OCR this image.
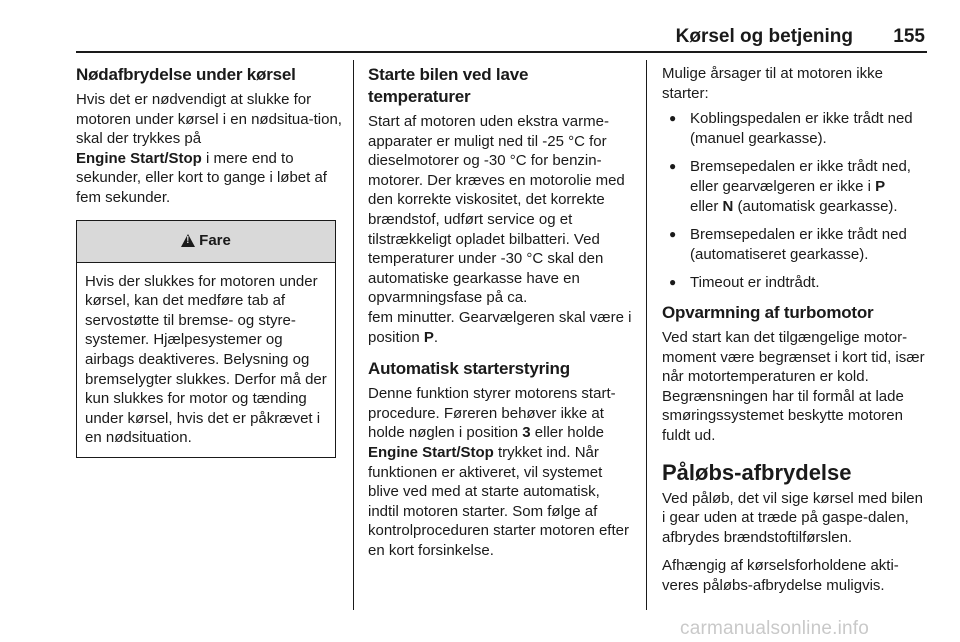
Kørsel og betjening 155

Nødafbrydelse under kørsel

Hvis det er nødvendigt at slukke for motoren under kørsel i en nødsitua-tion, skal der trykkes på
Engine Start/Stop i mere end to sekunder, eller kort to gange i løbet af fem sekunder.

!
Fare
Hvis der slukkes for motoren under kørsel, kan det medføre tab af servostøtte til bremse- og styre-systemer. Hjælpesystemer og airbags deaktiveres. Belysning og bremselygter slukkes. Derfor må der kun slukkes for motor og tænding under kørsel, hvis det er påkrævet i en nødsituation.

Starte bilen ved lave temperaturer

Start af motoren uden ekstra varme-apparater er muligt ned til -25 °C for dieselmotorer og -30 °C for benzin-motorer. Der kræves en motorolie med den korrekte viskositet, det korrekte brændstof, udført service og et tilstrækkeligt opladet bilbatteri. Ved temperaturer under -30 °C skal den automatiske gearkasse have en opvarmningsfase på ca.

fem minutter. Gearvælgeren skal være i position P.

Automatisk starterstyring

Denne funktion styrer motorens start-procedure. Føreren behøver ikke at holde nøglen i position 3 eller holde
Engine Start/Stop trykket ind. Når funktionen er aktiveret, vil systemet blive ved med at starte automatisk, indtil motoren starter. Som følge af kontrolproceduren starter motoren efter en kort forsinkelse.

Mulige årsager til at motoren ikke starter:

● Koblingspedalen er ikke trådt ned (manuel gearkasse).
● Bremsepedalen er ikke trådt ned, eller gearvælgeren er ikke i P
eller N (automatisk gearkasse).
● Bremsepedalen er ikke trådt ned (automatiseret gearkasse).
● Timeout er indtrådt.

Opvarmning af turbomotor

Ved start kan det tilgængelige motor-moment være begrænset i kort tid, især når motortemperaturen er kold. Begrænsningen har til formål at lade smøringssystemet beskytte motoren fuldt ud.

Påløbs-afbrydelse

Ved påløb, det vil sige kørsel med bilen i gear uden at træde på gaspe-dalen, afbrydes brændstoftilførslen.

Afhængig af kørselsforholdene akti-veres påløbs-afbrydelse muligvis.

carmanualsonline.info
